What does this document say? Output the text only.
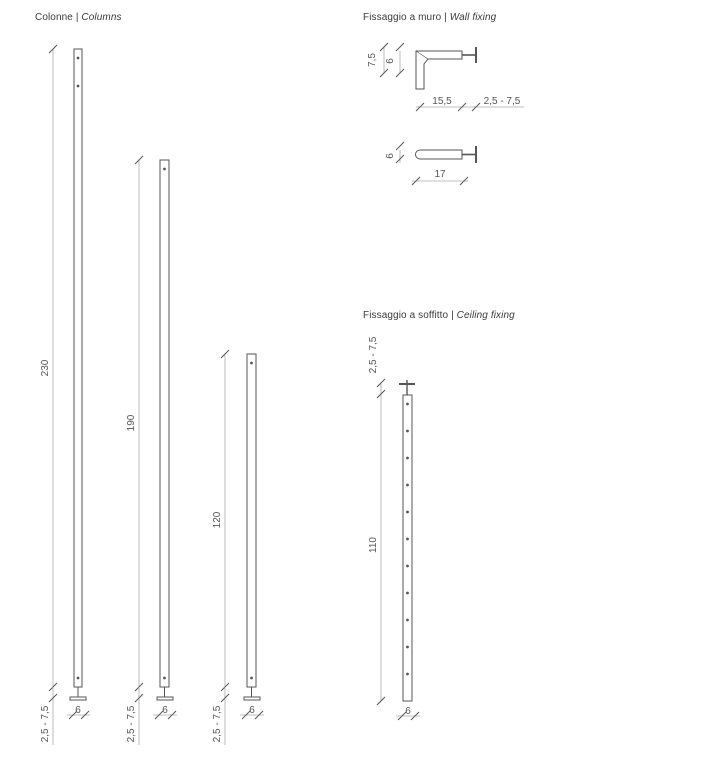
Colonne | Columns	Fissaggio a muro | Wall fixing
Fissaggio a soffitto | Ceiling fixing
230
2,5 - 7,5 6
190
2,5 - 7,5	6
120
2,5 - 7,5	6
7,5 6
15,5	2,5 - 7,5
6
17
2,5 - 7,5
110
6
